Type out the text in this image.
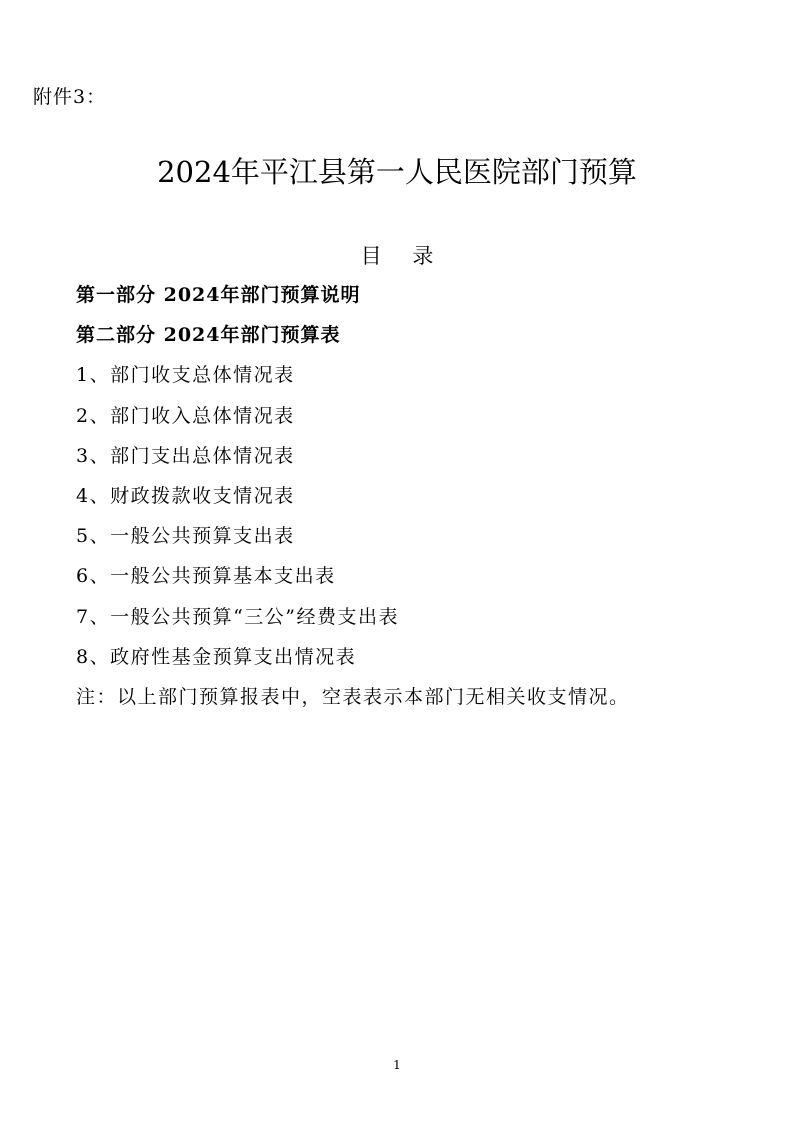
附件3：
2024年平江县第一人民医院部门预算
目 录
第一部分 2024年部门预算说明
第二部分 2024年部门预算表
1、部门收支总体情况表
2、部门收入总体情况表
3、部门支出总体情况表
4、财政拨款收支情况表
5、一般公共预算支出表
6、一般公共预算基本支出表
7、一般公共预算“三公”经费支出表
8、政府性基金预算支出情况表
注：以上部门预算报表中，空表表示本部门无相关收支情况。
1
